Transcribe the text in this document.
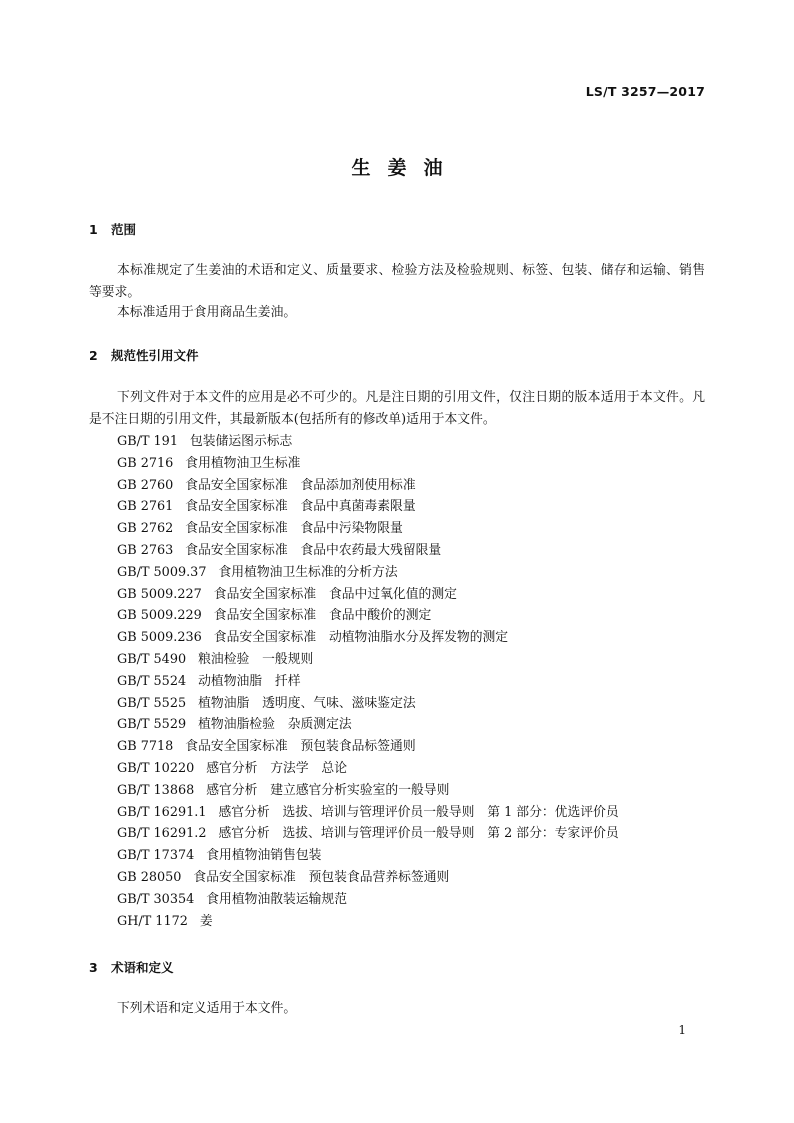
LS/T 3257—2017
生姜油
1 范围
本标准规定了生姜油的术语和定义、质量要求、检验方法及检验规则、标签、包装、储存和运输、销售等要求。
本标准适用于食用商品生姜油。
2 规范性引用文件
下列文件对于本文件的应用是必不可少的。凡是注日期的引用文件，仅注日期的版本适用于本文件。凡是不注日期的引用文件，其最新版本(包括所有的修改单)适用于本文件。
GB/T 191 包装储运图示标志
GB 2716 食用植物油卫生标准
GB 2760 食品安全国家标准　食品添加剂使用标准
GB 2761 食品安全国家标准　食品中真菌毒素限量
GB 2762 食品安全国家标准　食品中污染物限量
GB 2763 食品安全国家标准　食品中农药最大残留限量
GB/T 5009.37 食用植物油卫生标准的分析方法
GB 5009.227 食品安全国家标准　食品中过氧化值的测定
GB 5009.229 食品安全国家标准　食品中酸价的测定
GB 5009.236 食品安全国家标准　动植物油脂水分及挥发物的测定
GB/T 5490 粮油检验　一般规则
GB/T 5524 动植物油脂　扦样
GB/T 5525 植物油脂　透明度、气味、滋味鉴定法
GB/T 5529 植物油脂检验　杂质测定法
GB 7718 食品安全国家标准　预包装食品标签通则
GB/T 10220 感官分析　方法学　总论
GB/T 13868 感官分析　建立感官分析实验室的一般导则
GB/T 16291.1 感官分析　选拔、培训与管理评价员一般导则　第 1 部分：优选评价员
GB/T 16291.2 感官分析　选拔、培训与管理评价员一般导则　第 2 部分：专家评价员
GB/T 17374 食用植物油销售包装
GB 28050 食品安全国家标准　预包装食品营养标签通则
GB/T 30354 食用植物油散装运输规范
GH/T 1172 姜
3 术语和定义
下列术语和定义适用于本文件。
1
